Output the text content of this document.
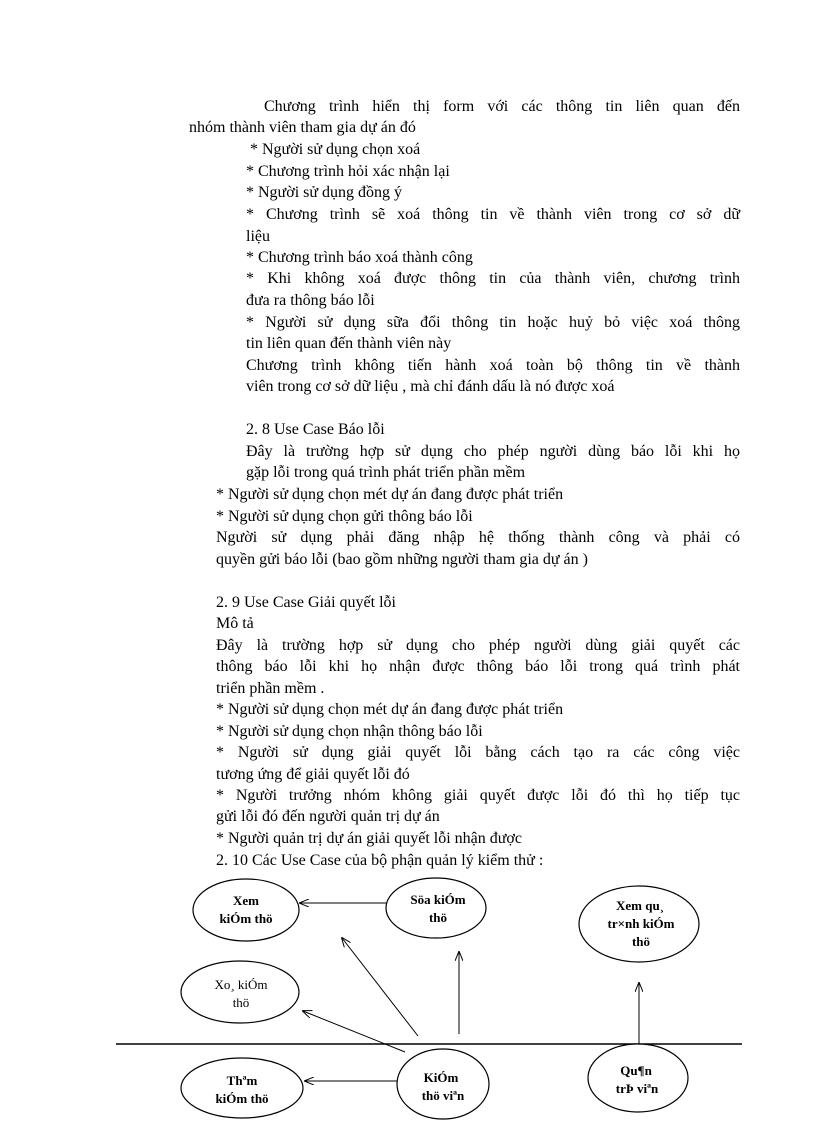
Chương trình hiển thị form với các thông tin liên quan đến
nhóm thành viên tham gia dự án đó
* Người sử dụng chọn xoá
* Chương trình hỏi xác nhận lại
* Người sử dụng đồng ý
* Chương trình sẽ xoá thông tin về thành viên trong cơ sở dữ
liệu
* Chương trình báo xoá thành công
* Khi không xoá được thông tin của thành viên, chương trình
đưa ra thông báo lỗi
* Người sử dụng sữa đổi thông tin hoặc huỷ bỏ việc xoá thông
tin liên quan đến thành viên này
Chương trình không tiến hành xoá toàn bộ thông tin về thành
viên trong cơ sở dữ liệu , mà chỉ đánh dấu là nó được xoá
2. 8 Use Case Báo lỗi
Đây là trường hợp sử dụng cho phép người dùng báo lỗi khi họ
gặp lỗi trong quá trình phát triển phần mềm
* Người sử dụng chọn mét dự án đang được phát triển
* Người sử dụng chọn gửi thông báo lỗi
Người sử dụng phải đăng nhập hệ thống thành công và phải có
quyền gửi báo lỗi (bao gồm những người tham gia dự án )
2. 9 Use Case Giải quyết lỗi
Mô tả
Đây là trường hợp sử dụng cho phép người dùng giải quyết các
thông báo lỗi khi họ nhận được thông báo lỗi trong quá trình phát
triển phần mềm .
* Người sử dụng chọn mét dự án đang được phát triển
* Người sử dụng chọn nhận thông báo lỗi
* Người sử dụng giải quyết lỗi bằng cách tạo ra các công việc
tương ứng để giải quyết lỗi đó
* Người trưởng nhóm không giải quyết được lỗi đó thì họ tiếp tục
gửi lỗi đó đến người quản trị dự án
* Người quản trị dự án giải quyết lỗi nhận được
2. 10 Các Use Case của bộ phận quản lý kiểm thử :
Xem
kiÓm thö
Söa kiÓm
thö
Xem qu¸
tr×nh kiÓm
thö
Xo¸ kiÓm
thö
Thªm
kiÓm thö
KiÓm
thö viªn
Qu¶n
trÞ viªn
